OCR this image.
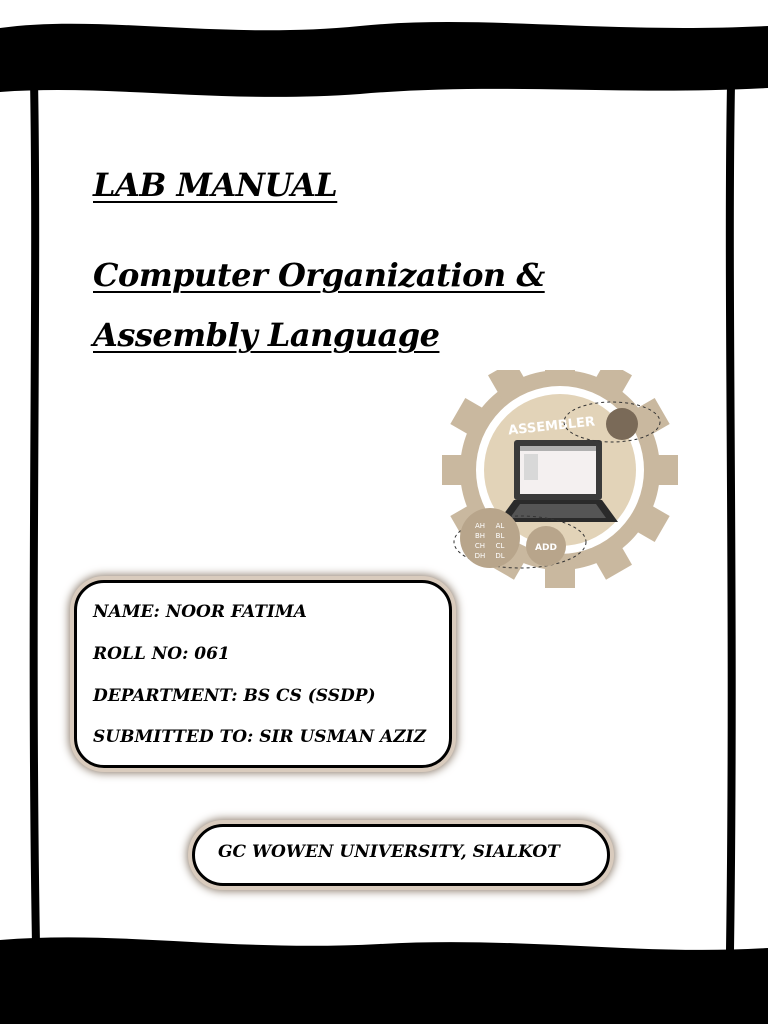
LAB MANUAL
Computer Organization &
Assembly Language
ASSEMBLER
AH AL
BH BL
CH CL
DH DL
ADD

NAME: NOOR FATIMA

ROLL NO: 061

DEPARTMENT: BS CS (SSDP)

SUBMITTED TO: SIR USMAN AZIZ

GC WOWEN UNIVERSITY, SIALKOT
